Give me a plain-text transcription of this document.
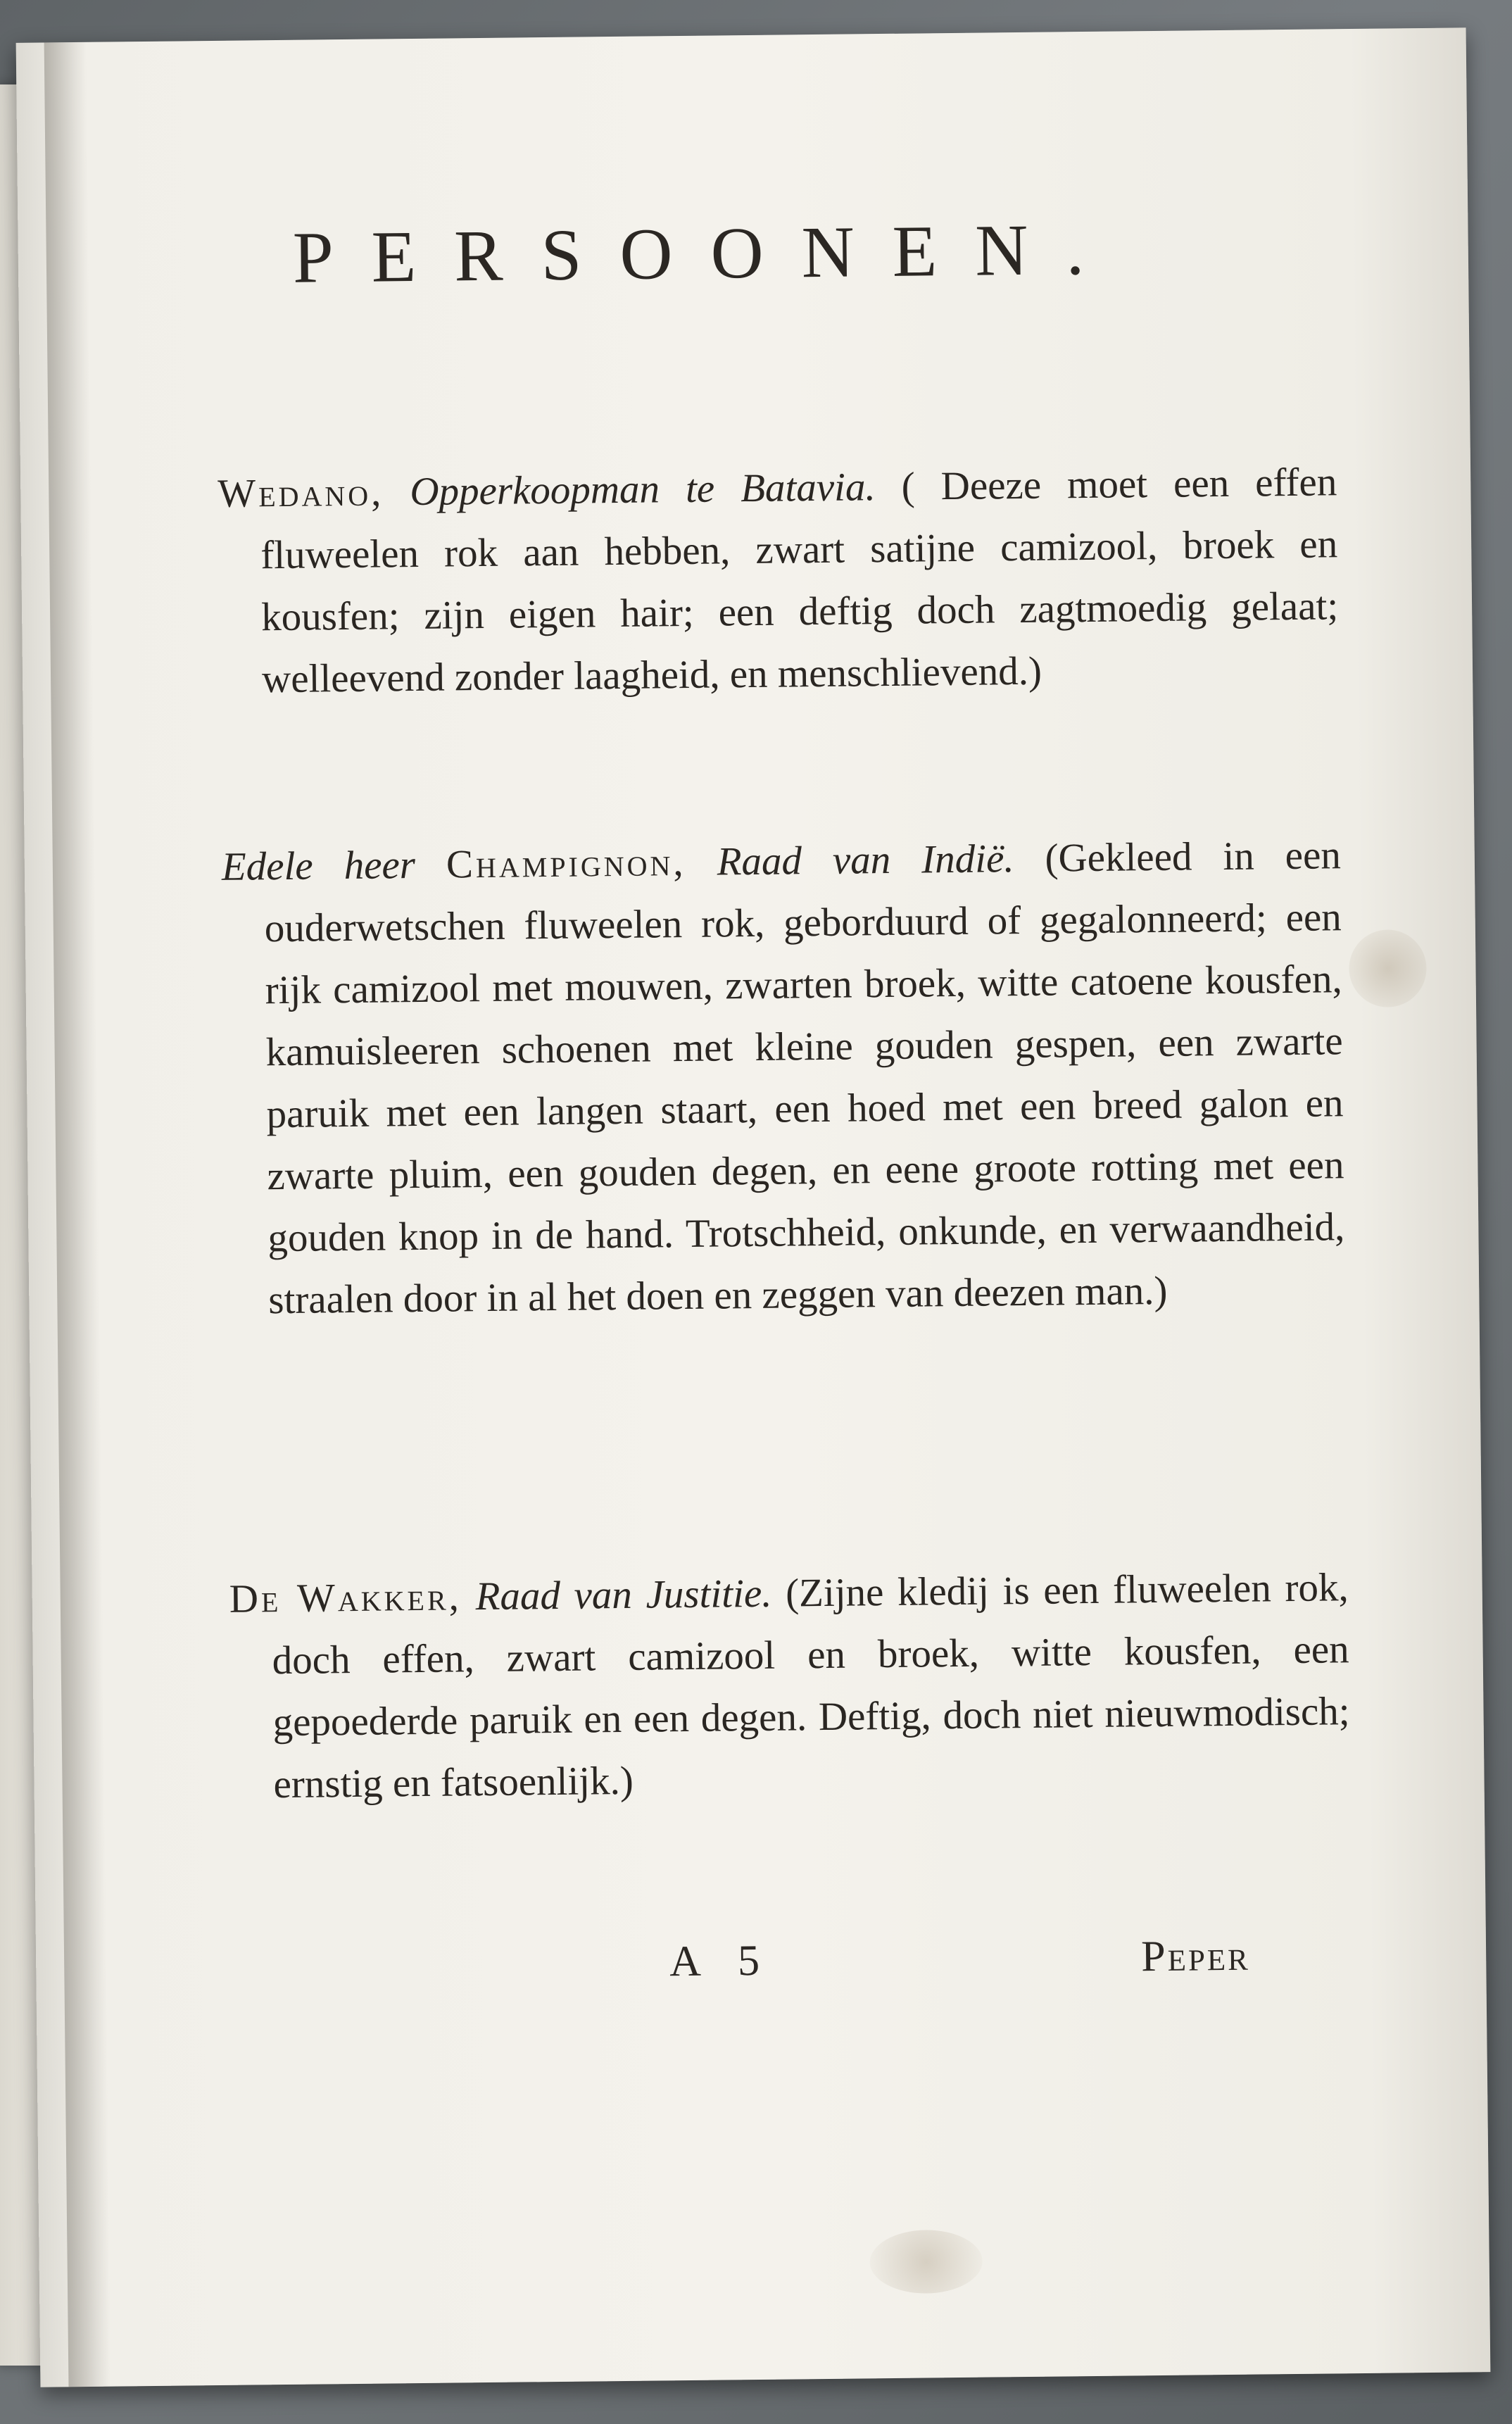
PERSOONEN.

Wedano, Opperkoopman te Batavia. ( Deeze moet een effen fluweelen rok aan hebben, zwart satijne camizool, broek en kousfen; zijn eigen hair; een deftig doch zagtmoedig gelaat; welleevend zonder laagheid, en menschlievend.)

Edele heer Champignon, Raad van Indië. (Gekleed in een ouderwetschen fluweelen rok, geborduurd of gegalonneerd; een rijk camizool met mouwen, zwarten broek, witte catoene kousfen, kamuisleeren schoenen met kleine gouden gespen, een zwarte paruik met een langen staart, een hoed met een breed galon en zwarte pluim, een gouden degen, en eene groote rotting met een gouden knop in de hand. Trotschheid, onkunde, en verwaandheid, straalen door in al het doen en zeggen van deezen man.)

De Wakker, Raad van Justitie. (Zijne kledij is een fluweelen rok, doch effen, zwart camizool en broek, witte kousfen, een gepoederde paruik en een degen. Deftig, doch niet nieuwmodisch; ernstig en fatsoenlijk.)

A 5	Peper
